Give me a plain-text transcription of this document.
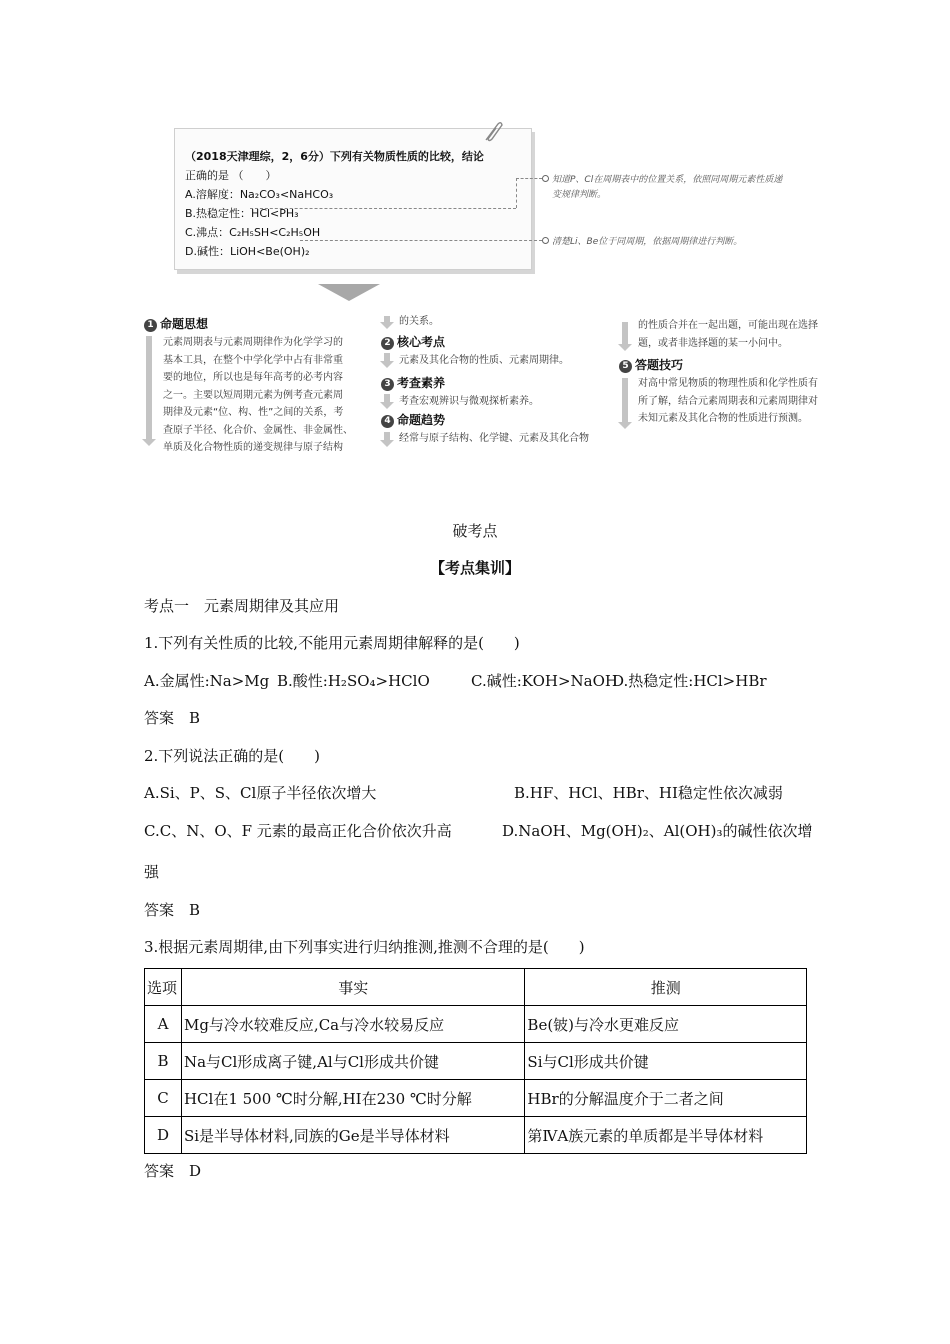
（2018天津理综，2，6分）下列有关物质性质的比较，结论
正确的是 （　　）
A.溶解度：Na₂CO₃<NaHCO₃
B.热稳定性：HCl<PH₃
C.沸点：C₂H₅SH<C₂H₅OH
D.碱性：LiOH<Be(OH)₂
知道P、Cl在周期表中的位置关系，依照同周期元素性质递
变规律判断。
清楚Li、Be位于同周期，依据周期律进行判断。
1 命题思想
元素周期表与元素周期律作为化学学习的
基本工具，在整个中学化学中占有非常重
要的地位，所以也是每年高考的必考内容
之一。主要以短周期元素为例考查元素周
期律及元素“位、构、性”之间的关系，考
查原子半径、化合价、金属性、非金属性、
单质及化合物性质的递变规律与原子结构
的关系。
2 核心考点
元素及其化合物的性质、元素周期律。
3 考查素养
考查宏观辨识与微观探析素养。
4 命题趋势
经常与原子结构、化学键、元素及其化合物
的性质合并在一起出题，可能出现在选择
题，或者非选择题的某一小问中。
5 答题技巧
对高中常见物质的物理性质和化学性质有
所了解，结合元素周期表和元素周期律对
未知元素及其化合物的性质进行预测。
破考点
【考点集训】
考点一　元素周期律及其应用
1.下列有关性质的比较,不能用元素周期律解释的是(　　)
A.金属性:Na>Mg B.酸性:H₂SO₄>HClO	C.碱性:KOH>NaOH
D.热稳定性:HCl>HBr
答案　B
2.下列说法正确的是(　　)
A.Si、P、S、Cl原子半径依次增大	B.HF、HCl、HBr、HI稳定性依次减弱
C.C、N、O、F 元素的最高正化合价依次升高	D.NaOH、Mg(OH)₂、Al(OH)₃的碱性依次增
强
答案　B
3.根据元素周期律,由下列事实进行归纳推测,推测不合理的是(　　)
选项	事实	推测
A	Mg与冷水较难反应,Ca与冷水较易反应	Be(铍)与冷水更难反应
B	Na与Cl形成离子键,Al与Cl形成共价键	Si与Cl形成共价键
C	HCl在1 500 ℃时分解,HI在230 ℃时分解	HBr的分解温度介于二者之间
D	Si是半导体材料,同族的Ge是半导体材料	第ⅣA族元素的单质都是半导体材料
答案　D
